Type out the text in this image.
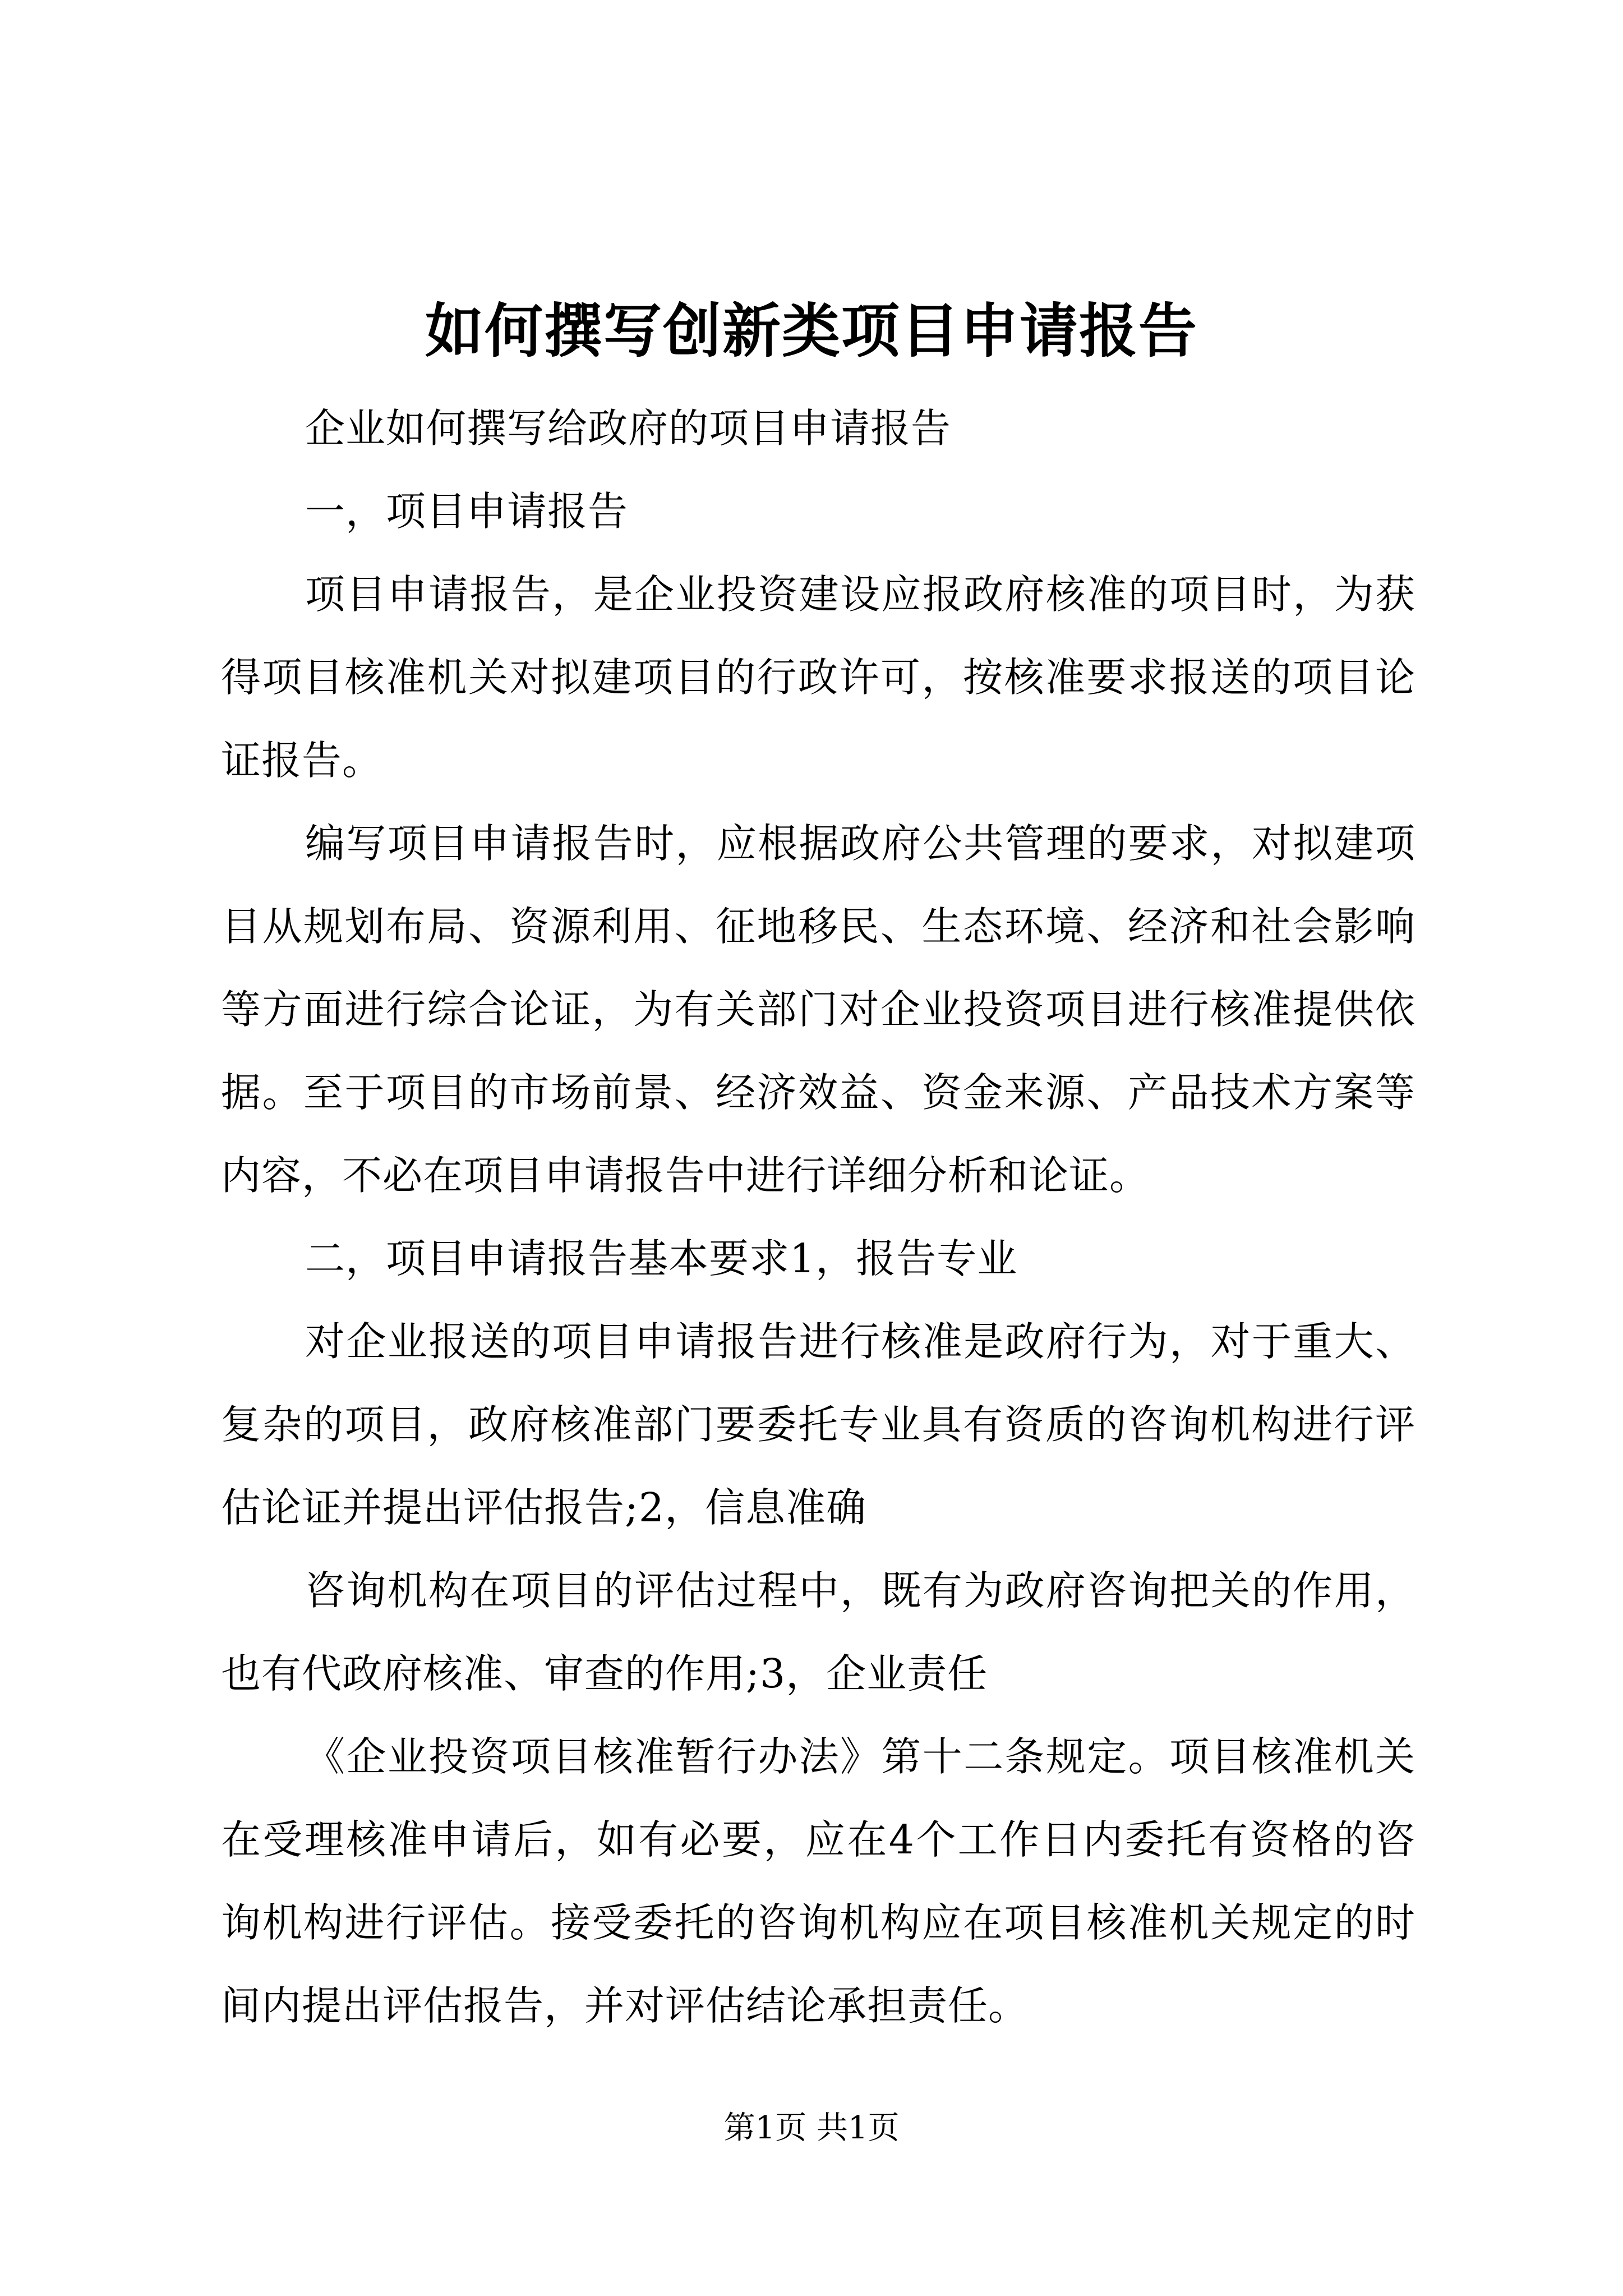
如何撰写创新类项目申请报告

企业如何撰写给政府的项目申请报告

一，项目申请报告

项目申请报告，是企业投资建设应报政府核准的项目时，为获得项目核准机关对拟建项目的行政许可，按核准要求报送的项目论证报告。

编写项目申请报告时，应根据政府公共管理的要求，对拟建项目从规划布局、资源利用、征地移民、生态环境、经济和社会影响等方面进行综合论证，为有关部门对企业投资项目进行核准提供依据。至于项目的市场前景、经济效益、资金来源、产品技术方案等内容，不必在项目申请报告中进行详细分析和论证。

二，项目申请报告基本要求1，报告专业

对企业报送的项目申请报告进行核准是政府行为，对于重大、复杂的项目，政府核准部门要委托专业具有资质的咨询机构进行评估论证并提出评估报告;2，信息准确

咨询机构在项目的评估过程中，既有为政府咨询把关的作用，也有代政府核准、审查的作用;3，企业责任

《企业投资项目核准暂行办法》第十二条规定。项目核准机关在受理核准申请后，如有必要，应在4个工作日内委托有资格的咨询机构进行评估。接受委托的咨询机构应在项目核准机关规定的时间内提出评估报告，并对评估结论承担责任。

第1页 共1页
